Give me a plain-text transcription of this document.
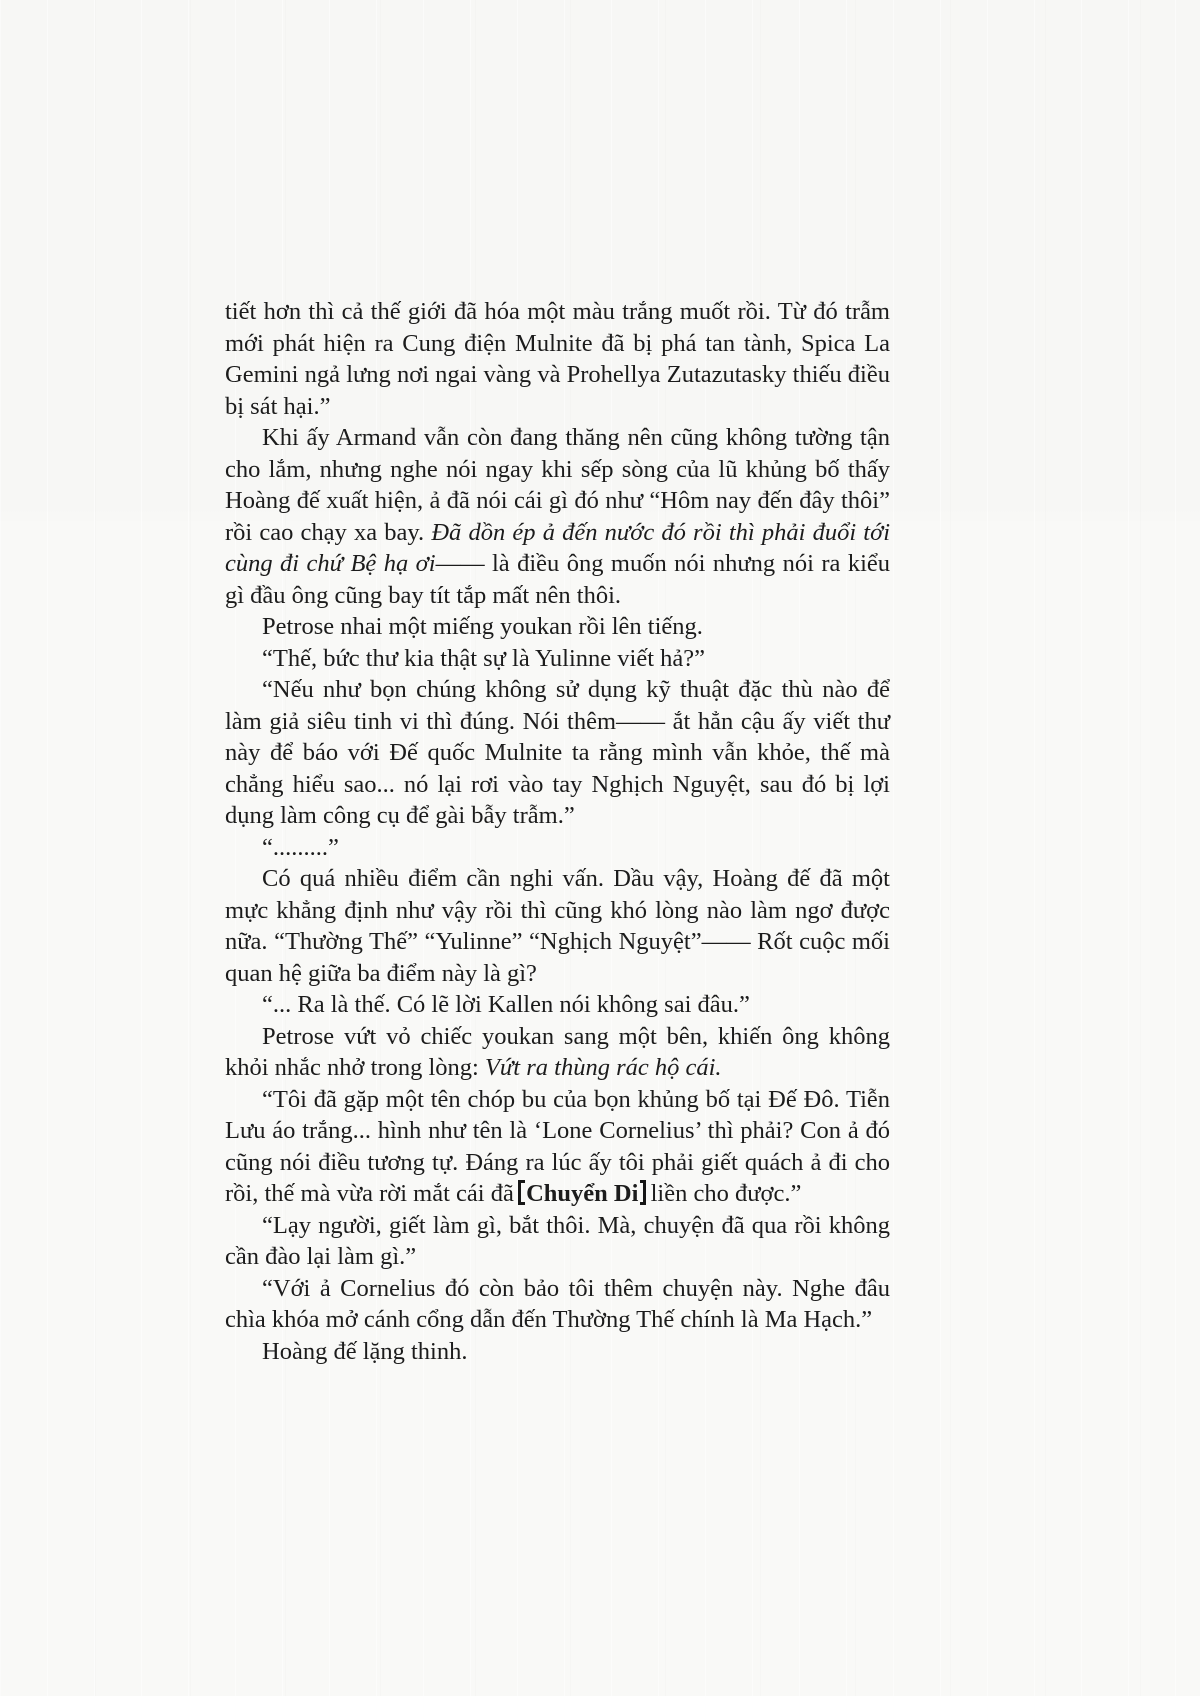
tiết hơn thì cả thế giới đã hóa một màu trắng muốt rồi. Từ đó trẫm mới phát hiện ra Cung điện Mulnite đã bị phá tan tành, Spica La Gemini ngả lưng nơi ngai vàng và Prohellya Zutazutasky thiếu điều bị sát hại.”

Khi ấy Armand vẫn còn đang thăng nên cũng không tường tận cho lắm, nhưng nghe nói ngay khi sếp sòng của lũ khủng bố thấy Hoàng đế xuất hiện, ả đã nói cái gì đó như “Hôm nay đến đây thôi” rồi cao chạy xa bay. Đã dồn ép ả đến nước đó rồi thì phải đuổi tới cùng đi chứ Bệ hạ ơi—— là điều ông muốn nói nhưng nói ra kiểu gì đầu ông cũng bay tít tắp mất nên thôi.

Petrose nhai một miếng youkan rồi lên tiếng.

“Thế, bức thư kia thật sự là Yulinne viết hả?”

“Nếu như bọn chúng không sử dụng kỹ thuật đặc thù nào để làm giả siêu tinh vi thì đúng. Nói thêm—— ắt hẳn cậu ấy viết thư này để báo với Đế quốc Mulnite ta rằng mình vẫn khỏe, thế mà chẳng hiểu sao... nó lại rơi vào tay Nghịch Nguyệt, sau đó bị lợi dụng làm công cụ để gài bẫy trẫm.”

“.........”

Có quá nhiều điểm cần nghi vấn. Dầu vậy, Hoàng đế đã một mực khẳng định như vậy rồi thì cũng khó lòng nào làm ngơ được nữa. “Thường Thế” “Yulinne” “Nghịch Nguyệt”—— Rốt cuộc mối quan hệ giữa ba điểm này là gì?

“... Ra là thế. Có lẽ lời Kallen nói không sai đâu.”

Petrose vứt vỏ chiếc youkan sang một bên, khiến ông không khỏi nhắc nhở trong lòng: Vứt ra thùng rác hộ cái.

“Tôi đã gặp một tên chóp bu của bọn khủng bố tại Đế Đô. Tiễn Lưu áo trắng... hình như tên là ‘Lone Cornelius’ thì phải? Con ả đó cũng nói điều tương tự. Đáng ra lúc ấy tôi phải giết quách ả đi cho rồi, thế mà vừa rời mắt cái đã Chuyển Di liền cho được.”

“Lạy người, giết làm gì, bắt thôi. Mà, chuyện đã qua rồi không cần đào lại làm gì.”

“Với ả Cornelius đó còn bảo tôi thêm chuyện này. Nghe đâu chìa khóa mở cánh cổng dẫn đến Thường Thế chính là Ma Hạch.”

Hoàng đế lặng thinh.
